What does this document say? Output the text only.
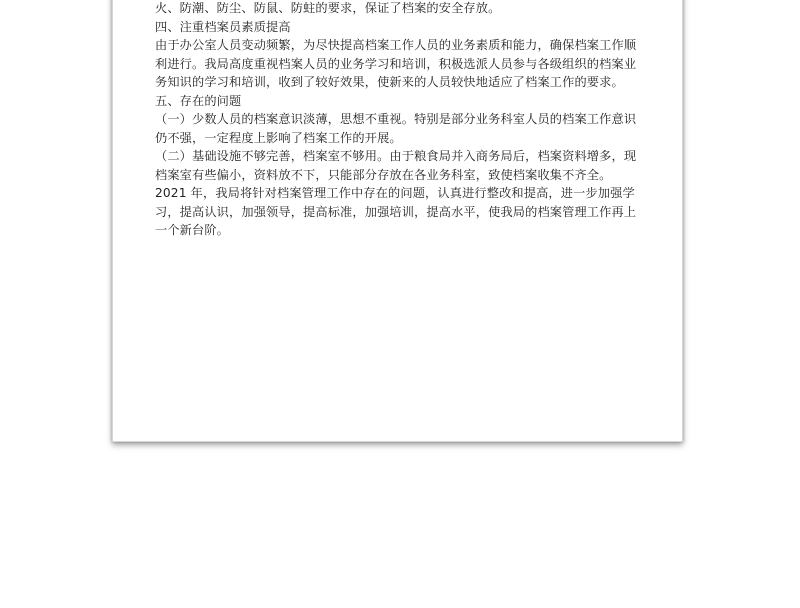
火、防潮、防尘、防鼠、防蛀的要求，保证了档案的安全存放。

四、注重档案员素质提高

由于办公室人员变动频繁，为尽快提高档案工作人员的业务素质和能力，确保档案工作顺利进行。我局高度重视档案人员的业务学习和培训，积极选派人员参与各级组织的档案业务知识的学习和培训，收到了较好效果，使新来的人员较快地适应了档案工作的要求。

五、存在的问题

（一）少数人员的档案意识淡薄，思想不重视。特别是部分业务科室人员的档案工作意识仍不强，一定程度上影响了档案工作的开展。

（二）基础设施不够完善，档案室不够用。由于粮食局并入商务局后，档案资料增多，现档案室有些偏小，资料放不下，只能部分存放在各业务科室，致使档案收集不齐全。

2021 年，我局将针对档案管理工作中存在的问题，认真进行整改和提高，进一步加强学习，提高认识，加强领导，提高标准，加强培训，提高水平，使我局的档案管理工作再上一个新台阶。
